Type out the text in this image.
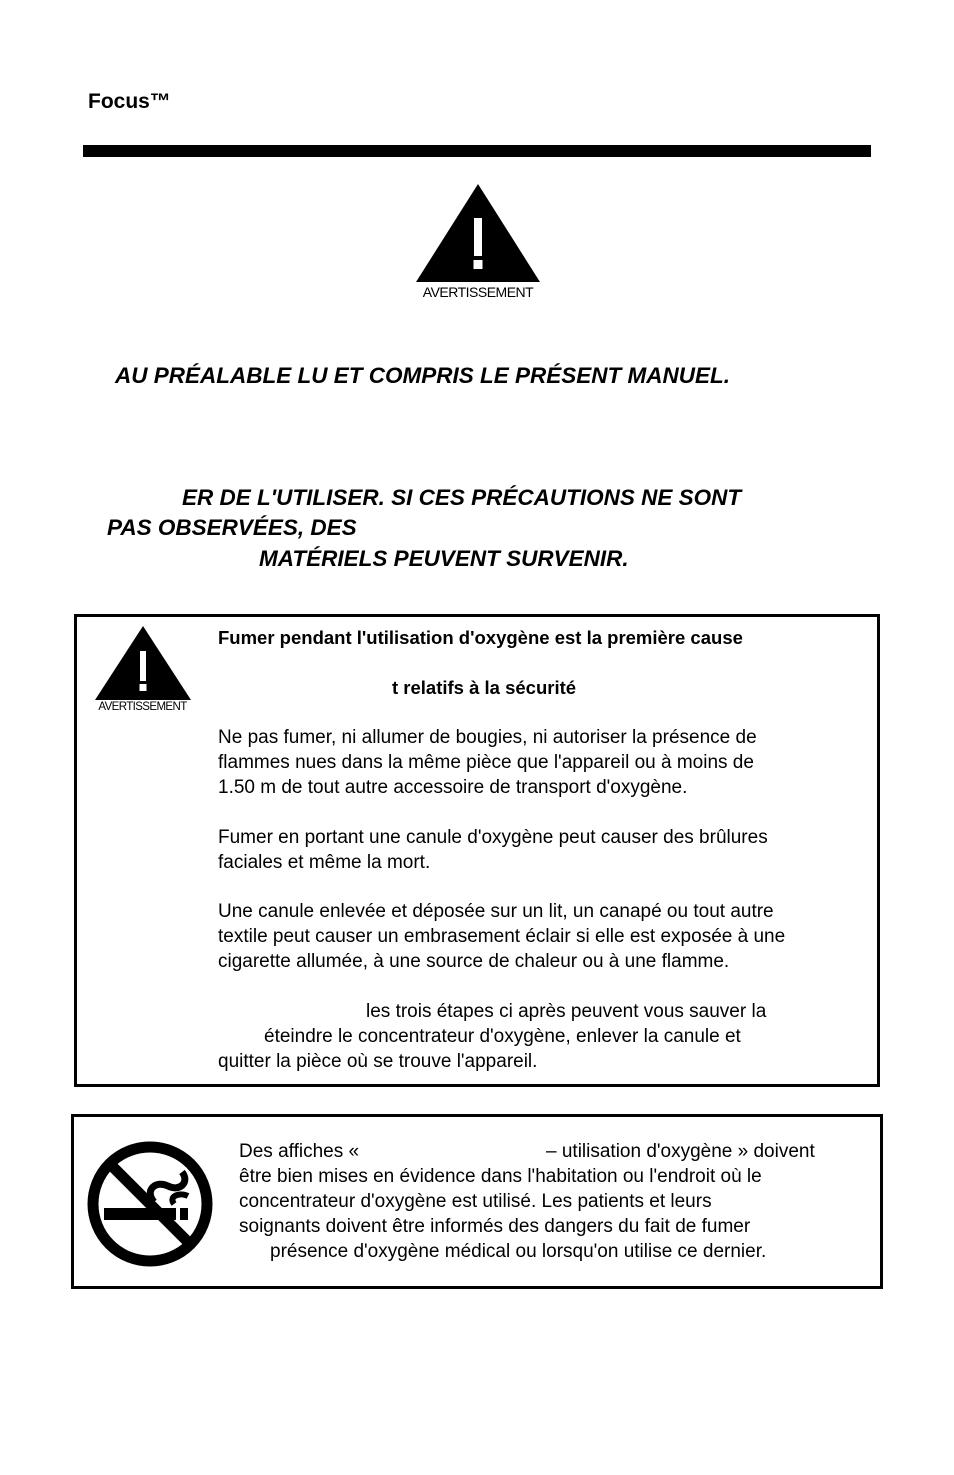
Focus™
AVERTISSEMENT
AU PRÉALABLE LU ET COMPRIS LE PRÉSENT MANUEL.
ER DE L'UTILISER. SI CES PRÉCAUTIONS NE SONT
PAS OBSERVÉES, DES
MATÉRIELS PEUVENT SURVENIR.
AVERTISSEMENT
Fumer pendant l'utilisation d'oxygène est la première cause
t relatifs à la sécurité
Ne pas fumer, ni allumer de bougies, ni autoriser la présence de
flammes nues dans la même pièce que l'appareil ou à moins de
1.50 m de tout autre accessoire de transport d'oxygène.
Fumer en portant une canule d'oxygène peut causer des brûlures
faciales et même la mort.
Une canule enlevée et déposée sur un lit, un canapé ou tout autre
textile peut causer un embrasement éclair si elle est exposée à une
cigarette allumée, à une source de chaleur ou à une flamme.
les trois étapes ci après peuvent vous sauver la
éteindre le concentrateur d'oxygène, enlever la canule et
quitter la pièce où se trouve l'appareil.
Des affiches «	– utilisation d'oxygène » doivent
être bien mises en évidence dans l'habitation ou l'endroit où le
concentrateur d'oxygène est utilisé. Les patients et leurs
soignants doivent être informés des dangers du fait de fumer
présence d'oxygène médical ou lorsqu'on utilise ce dernier.
